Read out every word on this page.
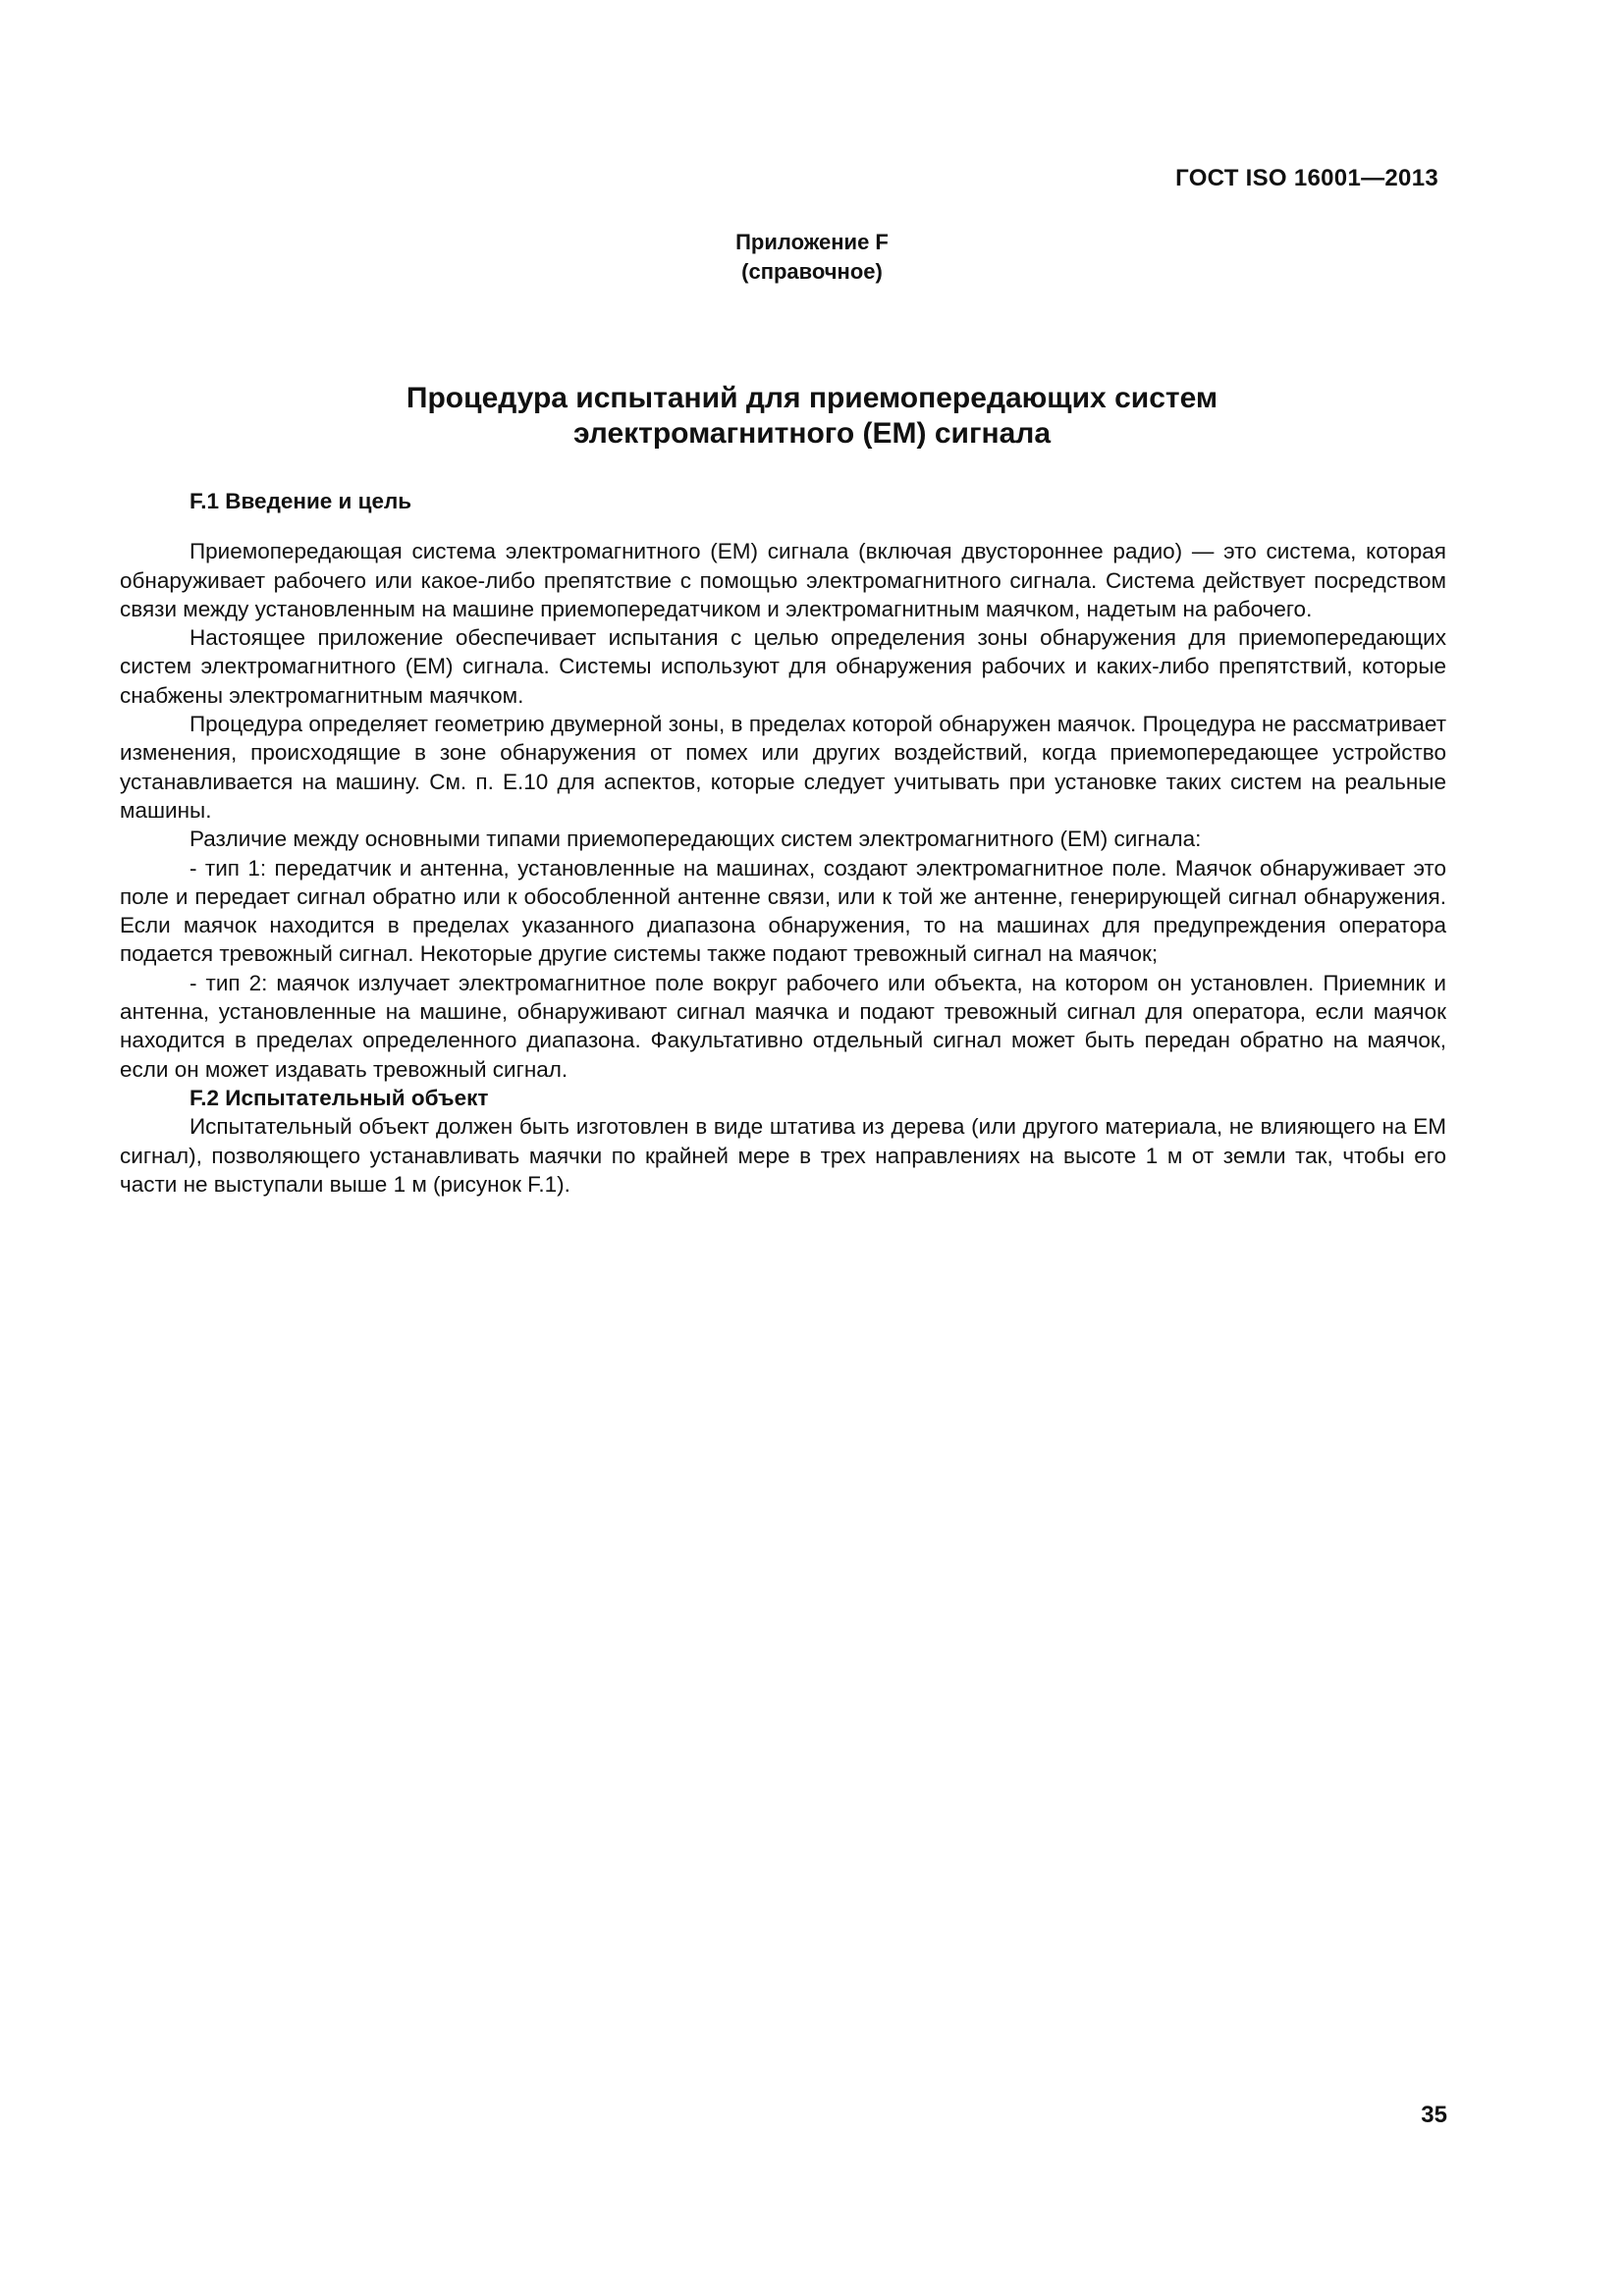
ГОСТ ISO 16001—2013
Приложение F
(справочное)
Процедура испытаний для приемопередающих систем
электромагнитного (ЕМ) сигнала
F.1 Введение и цель

Приемопередающая система электромагнитного (ЕМ) сигнала (включая двустороннее радио) — это система, которая обнаруживает рабочего или какое-либо препятствие с помощью электромагнитного сигнала. Система действует посредством связи между установленным на машине приемопередатчиком и электромагнитным маячком, надетым на рабочего.

Настоящее приложение обеспечивает испытания с целью определения зоны обнаружения для приемопередающих систем электромагнитного (ЕМ) сигнала. Системы используют для обнаружения рабочих и каких-либо препятствий, которые снабжены электромагнитным маячком.

Процедура определяет геометрию двумерной зоны, в пределах которой обнаружен маячок. Процедура не рассматривает изменения, происходящие в зоне обнаружения от помех или других воздействий, когда приемопередающее устройство устанавливается на машину. См. п. Е.10 для аспектов, которые следует учитывать при установке таких систем на реальные машины.

Различие между основными типами приемопередающих систем электромагнитного (ЕМ) сигнала:

- тип 1: передатчик и антенна, установленные на машинах, создают электромагнитное поле. Маячок обнаруживает это поле и передает сигнал обратно или к обособленной антенне связи, или к той же антенне, генерирующей сигнал обнаружения. Если маячок находится в пределах указанного диапазона обнаружения, то на машинах для предупреждения оператора подается тревожный сигнал. Некоторые другие системы также подают тревожный сигнал на маячок;

- тип 2: маячок излучает электромагнитное поле вокруг рабочего или объекта, на котором он установлен. Приемник и антенна, установленные на машине, обнаруживают сигнал маячка и подают тревожный сигнал для оператора, если маячок находится в пределах определенного диапазона. Факультативно отдельный сигнал может быть передан обратно на маячок, если он может издавать тревожный сигнал.

F.2 Испытательный объект

Испытательный объект должен быть изготовлен в виде штатива из дерева (или другого материала, не влияющего на ЕМ сигнал), позволяющего устанавливать маячки по крайней мере в трех направлениях на высоте 1 м от земли так, чтобы его части не выступали выше 1 м (рисунок F.1).

35
